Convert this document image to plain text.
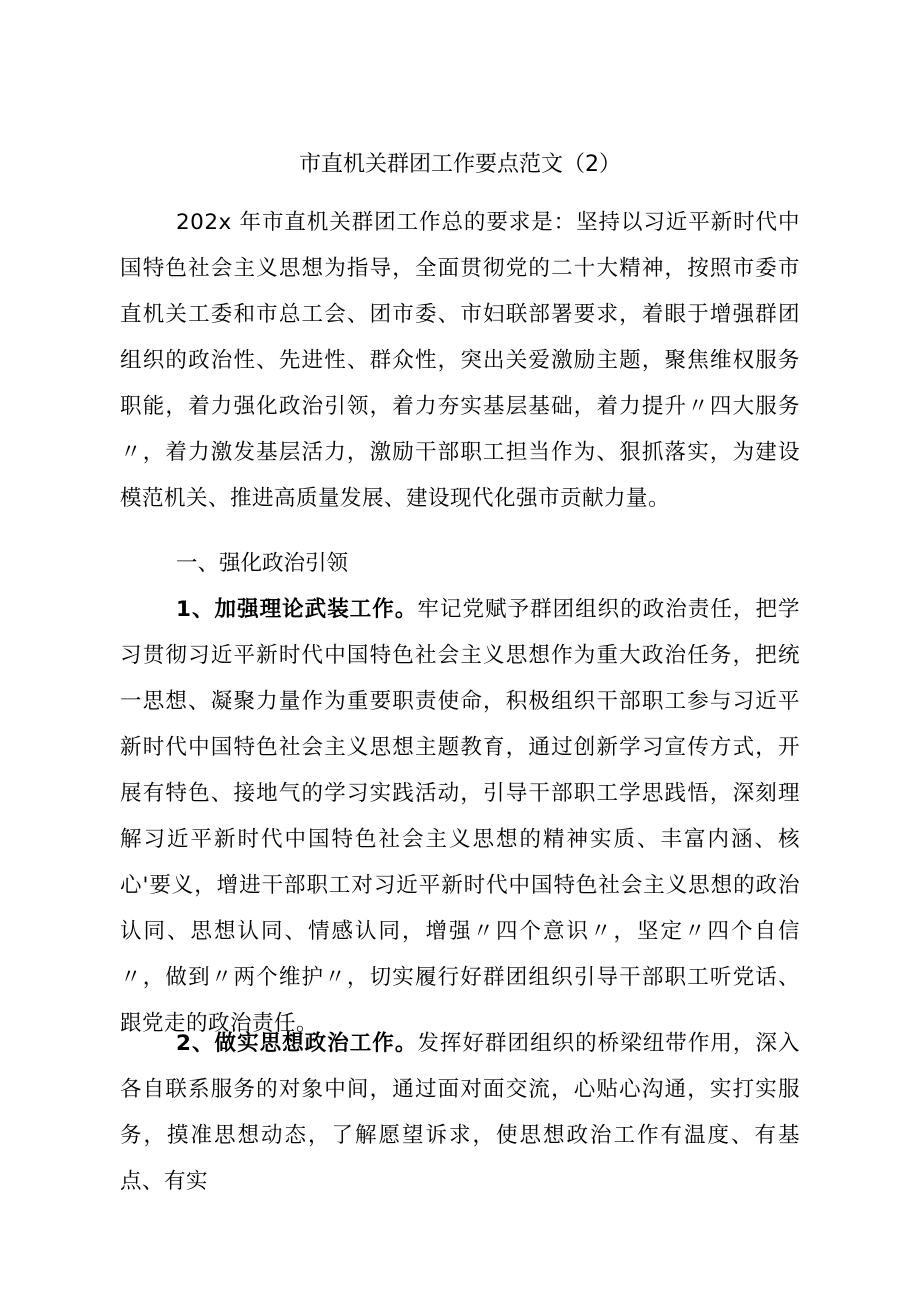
市直机关群团工作要点范文（2）

202x 年市直机关群团工作总的要求是：坚持以习近平新时代中国特色社会主义思想为指导，全面贯彻党的二十大精神，按照市委市直机关工委和市总工会、团市委、市妇联部署要求，着眼于增强群团组织的政治性、先进性、群众性，突出关爱激励主题，聚焦维权服务职能，着力强化政治引领，着力夯实基层基础，着力提升〃四大服务〃，着力激发基层活力，激励干部职工担当作为、狠抓落实，为建设模范机关、推进高质量发展、建设现代化强市贡献力量。

一、强化政治引领

1、加强理论武装工作。牢记党赋予群团组织的政治责任，把学习贯彻习近平新时代中国特色社会主义思想作为重大政治任务，把统一思想、凝聚力量作为重要职责使命，积极组织干部职工参与习近平新时代中国特色社会主义思想主题教育，通过创新学习宣传方式，开展有特色、接地气的学习实践活动，引导干部职工学思践悟，深刻理解习近平新时代中国特色社会主义思想的精神实质、丰富内涵、核心'要义，增进干部职工对习近平新时代中国特色社会主义思想的政治认同、思想认同、情感认同，增强〃四个意识〃，坚定〃四个自信〃，做到〃两个维护〃，切实履行好群团组织引导干部职工听党话、跟党走的政治责任。

2、做实思想政治工作。发挥好群团组织的桥梁纽带作用，深入各自联系服务的对象中间，通过面对面交流，心贴心沟通，实打实服务，摸准思想动态，了解愿望诉求，使思想政治工作有温度、有基点、有实
